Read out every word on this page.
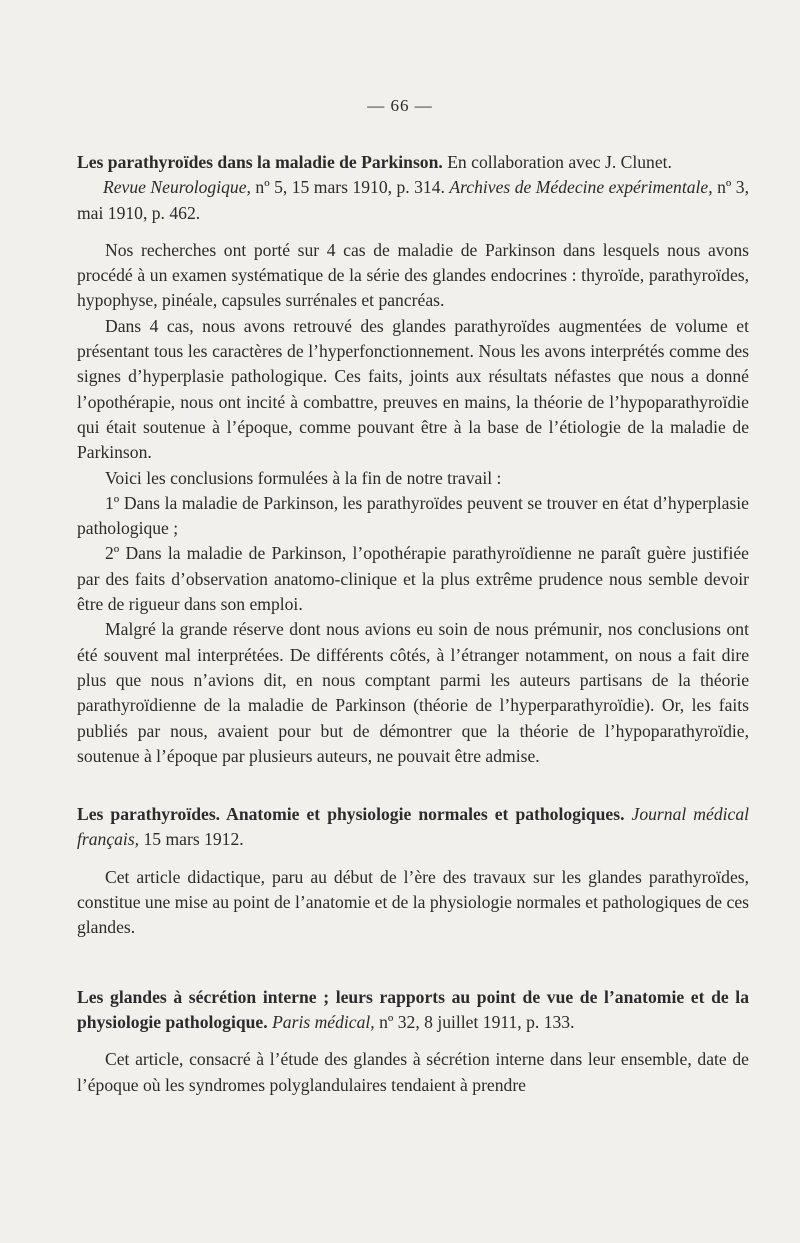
— 66 —
Les parathyroïdes dans la maladie de Parkinson. En collaboration avec J. Clunet.
Revue Neurologique, nº 5, 15 mars 1910, p. 314. Archives de Médecine expérimentale, nº 3, mai 1910, p. 462.

Nos recherches ont porté sur 4 cas de maladie de Parkinson dans lesquels nous avons procédé à un examen systématique de la série des glandes endocrines : thyroïde, parathyroïdes, hypophyse, pinéale, capsules surrénales et pancréas.

Dans 4 cas, nous avons retrouvé des glandes parathyroïdes augmentées de volume et présentant tous les caractères de l’hyperfonctionnement. Nous les avons interprétés comme des signes d’hyperplasie pathologique. Ces faits, joints aux résultats néfastes que nous a donné l’opothérapie, nous ont incité à combattre, preuves en mains, la théorie de l’hypoparathyroïdie qui était soutenue à l’époque, comme pouvant être à la base de l’étiologie de la maladie de Parkinson.

Voici les conclusions formulées à la fin de notre travail :

1º Dans la maladie de Parkinson, les parathyroïdes peuvent se trouver en état d’hyperplasie pathologique ;

2º Dans la maladie de Parkinson, l’opothérapie parathyroïdienne ne paraît guère justifiée par des faits d’observation anatomo-clinique et la plus extrême prudence nous semble devoir être de rigueur dans son emploi.

Malgré la grande réserve dont nous avions eu soin de nous prémunir, nos conclusions ont été souvent mal interprétées. De différents côtés, à l’étranger notamment, on nous a fait dire plus que nous n’avions dit, en nous comptant parmi les auteurs partisans de la théorie parathyroïdienne de la maladie de Parkinson (théorie de l’hyperparathyroïdie). Or, les faits publiés par nous, avaient pour but de démontrer que la théorie de l’hypoparathyroïdie, soutenue à l’époque par plusieurs auteurs, ne pouvait être admise.

Les parathyroïdes. Anatomie et physiologie normales et pathologiques. Journal médical français, 15 mars 1912.

Cet article didactique, paru au début de l’ère des travaux sur les glandes parathyroïdes, constitue une mise au point de l’anatomie et de la physiologie normales et pathologiques de ces glandes.

Les glandes à sécrétion interne ; leurs rapports au point de vue de l’anatomie et de la physiologie pathologique. Paris médical, nº 32, 8 juillet 1911, p. 133.

Cet article, consacré à l’étude des glandes à sécrétion interne dans leur ensemble, date de l’époque où les syndromes polyglandulaires tendaient à prendre
